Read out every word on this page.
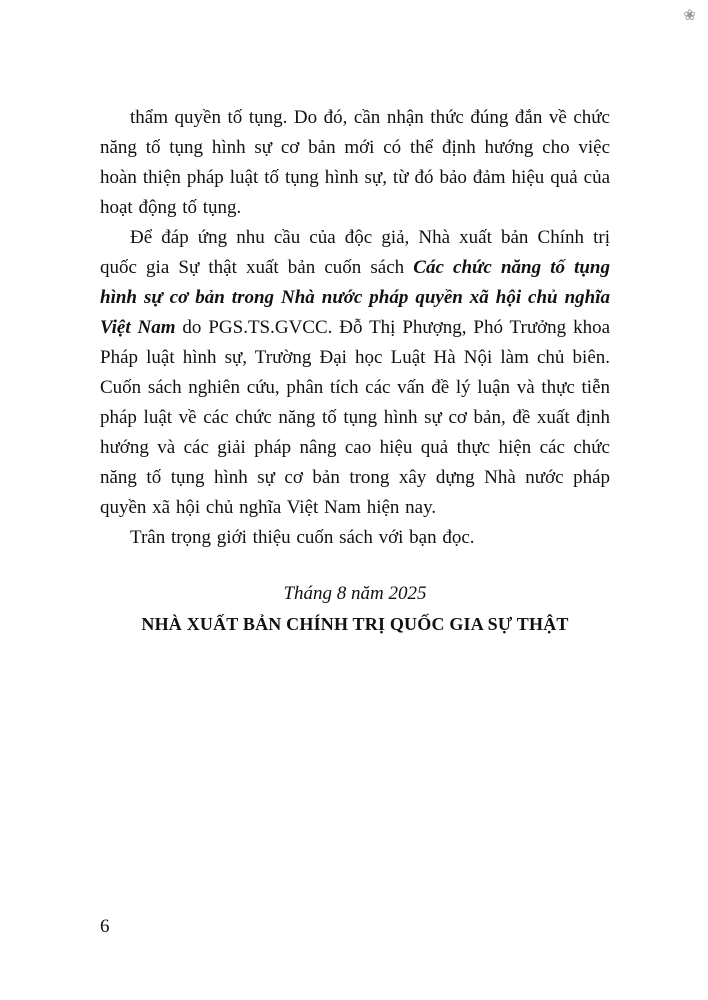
❀

thẩm quyền tố tụng. Do đó, cần nhận thức đúng đắn về chức năng tố tụng hình sự cơ bản mới có thể định hướng cho việc hoàn thiện pháp luật tố tụng hình sự, từ đó bảo đảm hiệu quả của hoạt động tố tụng.

Để đáp ứng nhu cầu của độc giả, Nhà xuất bản Chính trị quốc gia Sự thật xuất bản cuốn sách Các chức năng tố tụng hình sự cơ bản trong Nhà nước pháp quyền xã hội chủ nghĩa Việt Nam do PGS.TS.GVCC. Đỗ Thị Phượng, Phó Trưởng khoa Pháp luật hình sự, Trường Đại học Luật Hà Nội làm chủ biên. Cuốn sách nghiên cứu, phân tích các vấn đề lý luận và thực tiễn pháp luật về các chức năng tố tụng hình sự cơ bản, đề xuất định hướng và các giải pháp nâng cao hiệu quả thực hiện các chức năng tố tụng hình sự cơ bản trong xây dựng Nhà nước pháp quyền xã hội chủ nghĩa Việt Nam hiện nay.

Trân trọng giới thiệu cuốn sách với bạn đọc.

Tháng 8 năm 2025

NHÀ XUẤT BẢN CHÍNH TRỊ QUỐC GIA SỰ THẬT

6
